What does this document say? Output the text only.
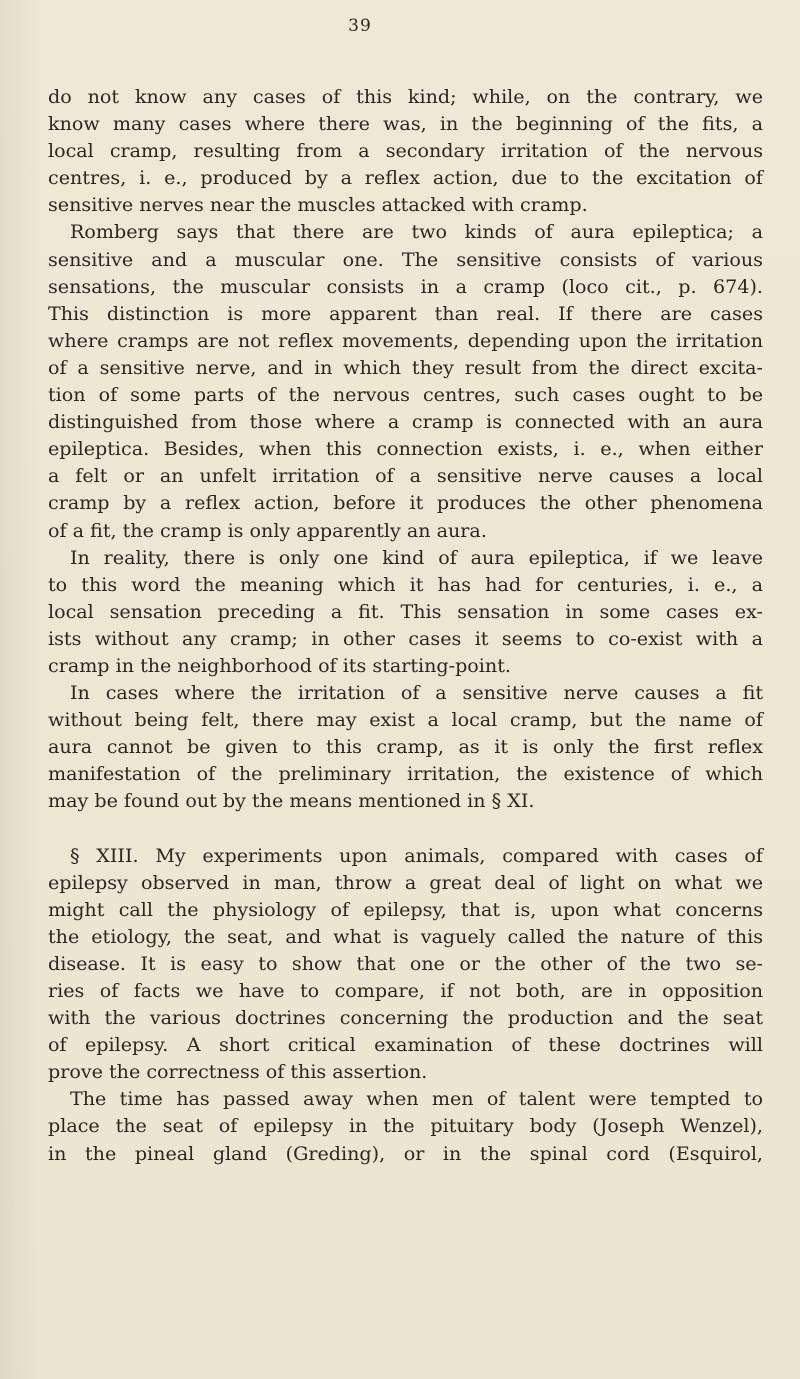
39
do not know any cases of this kind; while, on the contrary, we
know many cases where there was, in the beginning of the fits, a
local cramp, resulting from a secondary irritation of the nervous
centres, i. e., produced by a reflex action, due to the excitation of
sensitive nerves near the muscles attacked with cramp.
Romberg says that there are two kinds of aura epileptica; a
sensitive and a muscular one. The sensitive consists of various
sensations, the muscular consists in a cramp (loco cit., p. 674).
This distinction is more apparent than real. If there are cases
where cramps are not reflex movements, depending upon the irritation
of a sensitive nerve, and in which they result from the direct excita-
tion of some parts of the nervous centres, such cases ought to be
distinguished from those where a cramp is connected with an aura
epileptica. Besides, when this connection exists, i. e., when either
a felt or an unfelt irritation of a sensitive nerve causes a local
cramp by a reflex action, before it produces the other phenomena
of a fit, the cramp is only apparently an aura.
In reality, there is only one kind of aura epileptica, if we leave
to this word the meaning which it has had for centuries, i. e., a
local sensation preceding a fit. This sensation in some cases ex-
ists without any cramp; in other cases it seems to co-exist with a
cramp in the neighborhood of its starting-point.
In cases where the irritation of a sensitive nerve causes a fit
without being felt, there may exist a local cramp, but the name of
aura cannot be given to this cramp, as it is only the first reflex
manifestation of the preliminary irritation, the existence of which
may be found out by the means mentioned in § XI.
§ XIII. My experiments upon animals, compared with cases of
epilepsy observed in man, throw a great deal of light on what we
might call the physiology of epilepsy, that is, upon what concerns
the etiology, the seat, and what is vaguely called the nature of this
disease. It is easy to show that one or the other of the two se-
ries of facts we have to compare, if not both, are in opposition
with the various doctrines concerning the production and the seat
of epilepsy. A short critical examination of these doctrines will
prove the correctness of this assertion.
The time has passed away when men of talent were tempted to
place the seat of epilepsy in the pituitary body (Joseph Wenzel),
in the pineal gland (Greding), or in the spinal cord (Esquirol,
